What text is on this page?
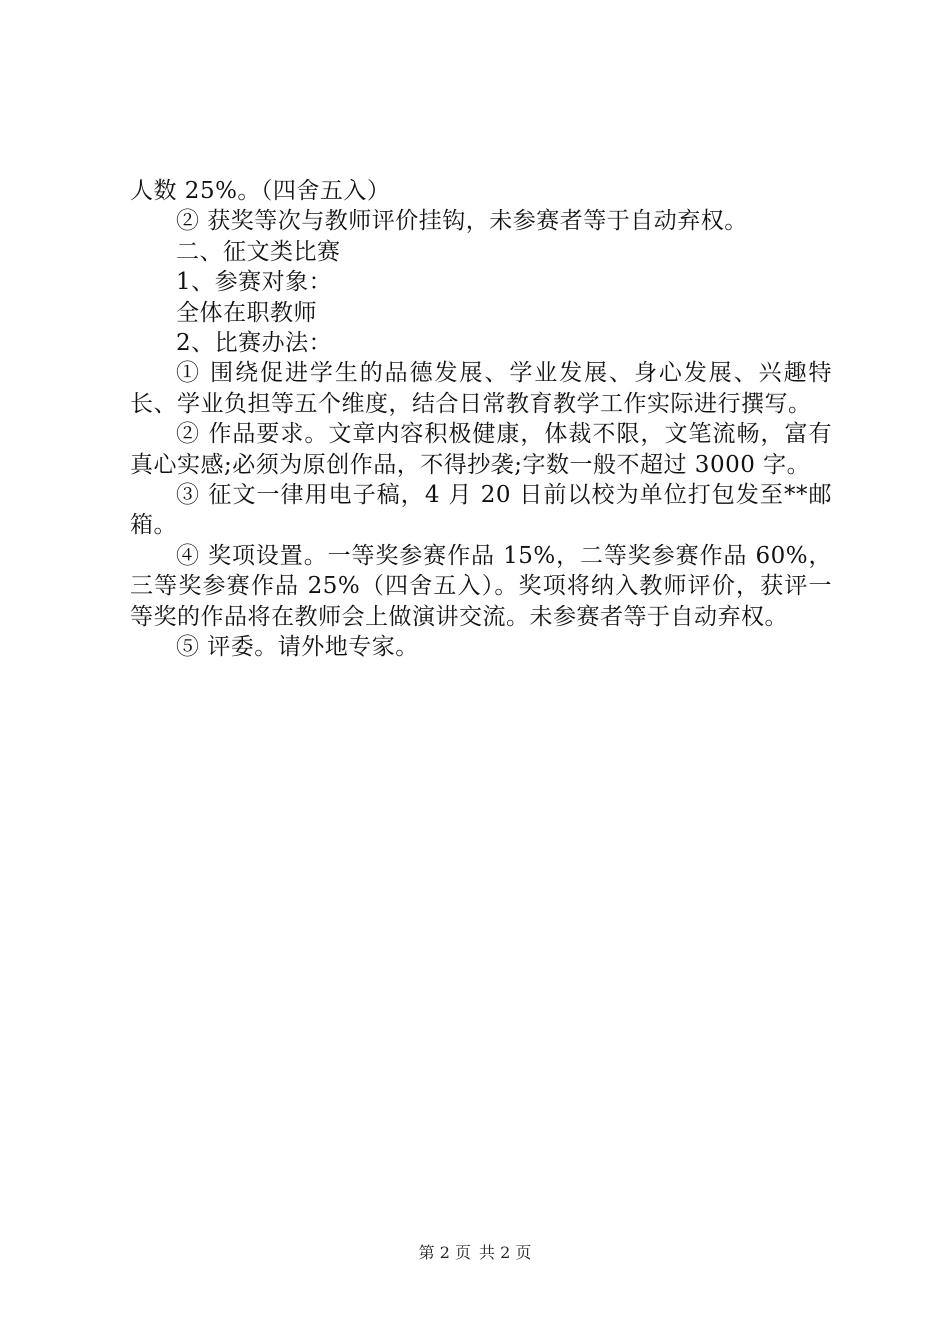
人数 25%。（四舍五入）

② 获奖等次与教师评价挂钩，未参赛者等于自动弃权。

二、征文类比赛

1、参赛对象：

全体在职教师

2、比赛办法：

① 围绕促进学生的品德发展、学业发展、身心发展、兴趣特长、学业负担等五个维度，结合日常教育教学工作实际进行撰写。

② 作品要求。文章内容积极健康，体裁不限，文笔流畅，富有真心实感;必须为原创作品，不得抄袭;字数一般不超过 3000 字。

③ 征文一律用电子稿，4 月 20 日前以校为单位打包发至**邮箱。

④ 奖项设置。一等奖参赛作品 15%，二等奖参赛作品 60%，三等奖参赛作品 25%（四舍五入）。奖项将纳入教师评价，获评一等奖的作品将在教师会上做演讲交流。未参赛者等于自动弃权。

⑤ 评委。请外地专家。

第 2 页 共 2 页
